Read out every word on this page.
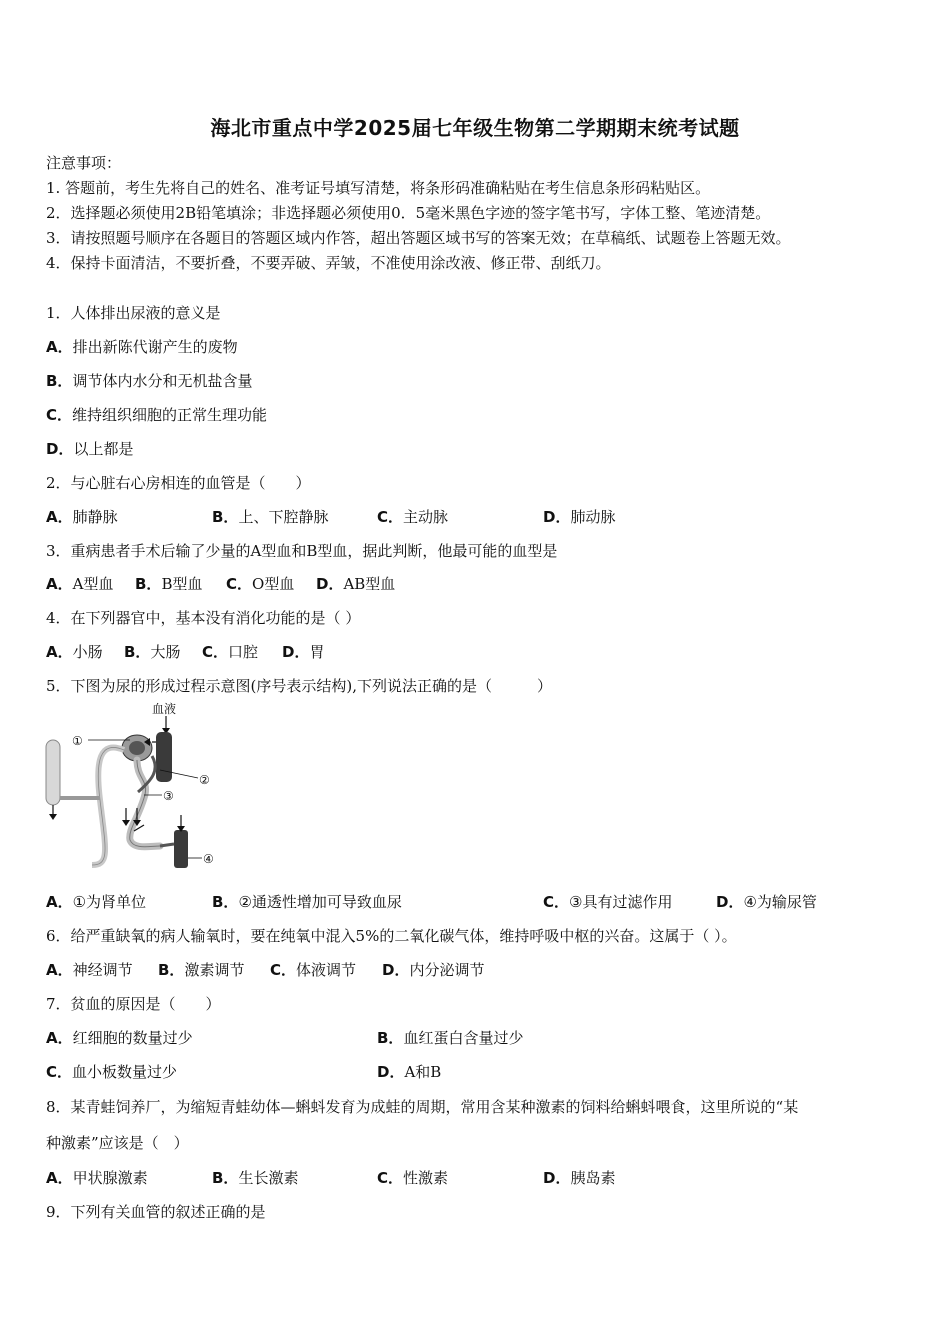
海北市重点中学2025届七年级生物第二学期期末统考试题
注意事项：
1. 答题前，考生先将自己的姓名、准考证号填写清楚，将条形码准确粘贴在考生信息条形码粘贴区。
2．选择题必须使用2B铅笔填涂；非选择题必须使用0．5毫米黑色字迹的签字笔书写，字体工整、笔迹清楚。
3．请按照题号顺序在各题目的答题区域内作答，超出答题区域书写的答案无效；在草稿纸、试题卷上答题无效。
4．保持卡面清洁，不要折叠，不要弄破、弄皱，不准使用涂改液、修正带、刮纸刀。
1．人体排出尿液的意义是
A．排出新陈代谢产生的废物
B．调节体内水分和无机盐含量
C．维持组织细胞的正常生理功能
D．以上都是
2．与心脏右心房相连的血管是（　　）
A．肺静脉	B．上、下腔静脉	C．主动脉	D．肺动脉
3．重病患者手术后输了少量的A型血和B型血，据此判断，他最可能的血型是
A．A型血 B．B型血 C．O型血 D．AB型血
4．在下列器官中，基本没有消化功能的是（ ）
A．小肠 B．大肠 C．口腔 D．胃
5．下图为尿的形成过程示意图(序号表示结构),下列说法正确的是（　　　）
血液
①
②
③
④
A．①为肾单位	B．②通透性增加可导致血尿	C．③具有过滤作用	D．④为输尿管
6．给严重缺氧的病人输氧时，要在纯氧中混入5%的二氧化碳气体，维持呼吸中枢的兴奋。这属于（ ）。
A．神经调节 B．激素调节 C．体液调节 D．内分泌调节
7．贫血的原因是（　　）
A．红细胞的数量过少	B．血红蛋白含量过少
C．血小板数量过少	D．A和B
8．某青蛙饲养厂，为缩短青蛙幼体—蝌蚪发育为成蛙的周期，常用含某种激素的饲料给蝌蚪喂食，这里所说的“某
种激素”应该是（　）
A．甲状腺激素	B．生长激素	C．性激素	D．胰岛素
9．下列有关血管的叙述正确的是
